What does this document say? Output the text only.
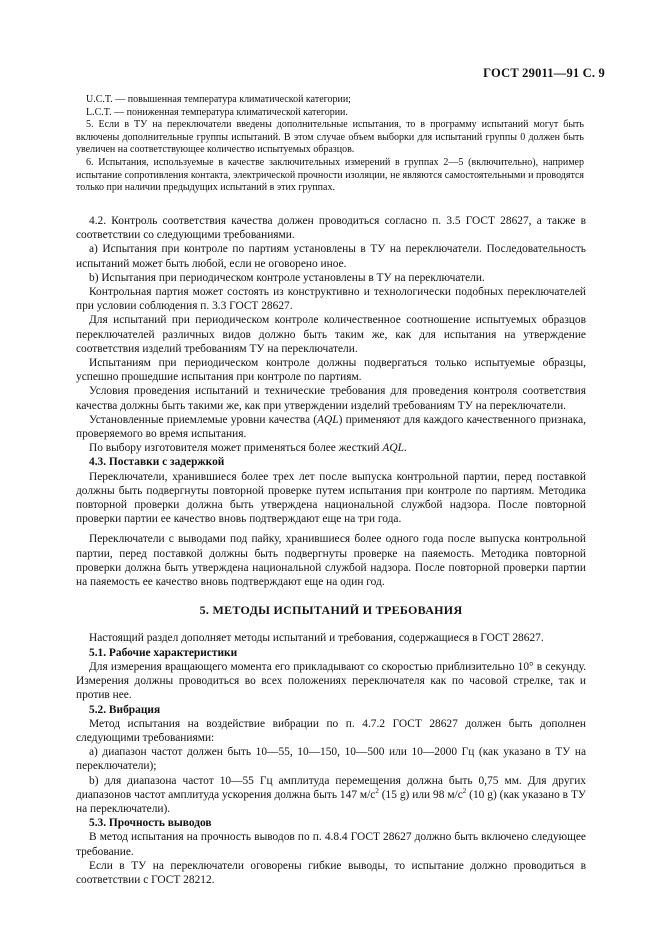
ГОСТ 29011—91 С. 9

U.C.T. — повышенная температура климатической категории;

L.C.T. — пониженная температура климатической категории.

5. Если в ТУ на переключатели введены дополнительные испытания, то в программу испытаний могут быть включены дополнительные группы испытаний. В этом случае объем выборки для испытаний группы 0 должен быть увеличен на соответствующее количество испытуемых образцов.

6. Испытания, используемые в качестве заключительных измерений в группах 2—5 (включительно), например испытание сопротивления контакта, электрической прочности изоляции, не являются самостоятельными и проводятся только при наличии предыдущих испытаний в этих группах.

4.2. Контроль соответствия качества должен проводиться согласно п. 3.5 ГОСТ 28627, а также в соответствии со следующими требованиями.

а) Испытания при контроле по партиям установлены в ТУ на переключатели. Последовательность испытаний может быть любой, если не оговорено иное.

b) Испытания при периодическом контроле установлены в ТУ на переключатели.

Контрольная партия может состоять из конструктивно и технологически подобных переключателей при условии соблюдения п. 3.3 ГОСТ 28627.

Для испытаний при периодическом контроле количественное соотношение испытуемых образцов переключателей различных видов должно быть таким же, как для испытания на утверждение соответствия изделий требованиям ТУ на переключатели.

Испытаниям при периодическом контроле должны подвергаться только испытуемые образцы, успешно прошедшие испытания при контроле по партиям.

Условия проведения испытаний и технические требования для проведения контроля соответствия качества должны быть такими же, как при утверждении изделий требованиям ТУ на переключатели.

Установленные приемлемые уровни качества (AQL) применяют для каждого качественного признака, проверяемого во время испытания.

По выбору изготовителя может применяться более жесткий AQL.

4.3. Поставки с задержкой

Переключатели, хранившиеся более трех лет после выпуска контрольной партии, перед поставкой должны быть подвергнуты повторной проверке путем испытания при контроле по партиям. Методика повторной проверки должна быть утверждена национальной службой надзора. После повторной проверки партии ее качество вновь подтверждают еще на три года.

Переключатели с выводами под пайку, хранившиеся более одного года после выпуска контрольной партии, перед поставкой должны быть подвергнуты проверке на паяемость. Методика повторной проверки должна быть утверждена национальной службой надзора. После повторной проверки партии на паяемость ее качество вновь подтверждают еще на один год.

5. МЕТОДЫ ИСПЫТАНИЙ И ТРЕБОВАНИЯ

Настоящий раздел дополняет методы испытаний и требования, содержащиеся в ГОСТ 28627.

5.1. Рабочие характеристики

Для измерения вращающего момента его прикладывают со скоростью приблизительно 10° в секунду. Измерения должны проводиться во всех положениях переключателя как по часовой стрелке, так и против нее.

5.2. Вибрация

Метод испытания на воздействие вибрации по п. 4.7.2 ГОСТ 28627 должен быть дополнен следующими требованиями:

а) диапазон частот должен быть 10—55, 10—150, 10—500 или 10—2000 Гц (как указано в ТУ на переключатели);

b) для диапазона частот 10—55 Гц амплитуда перемещения должна быть 0,75 мм. Для других диапазонов частот амплитуда ускорения должна быть 147 $м/с^2$ (15 g) или 98 $м/с^2$ (10 g) (как указано в ТУ на переключатели).

5.3. Прочность выводов

В метод испытания на прочность выводов по п. 4.8.4 ГОСТ 28627 должно быть включено следующее требование.

Если в ТУ на переключатели оговорены гибкие выводы, то испытание должно проводиться в соответствии с ГОСТ 28212.
